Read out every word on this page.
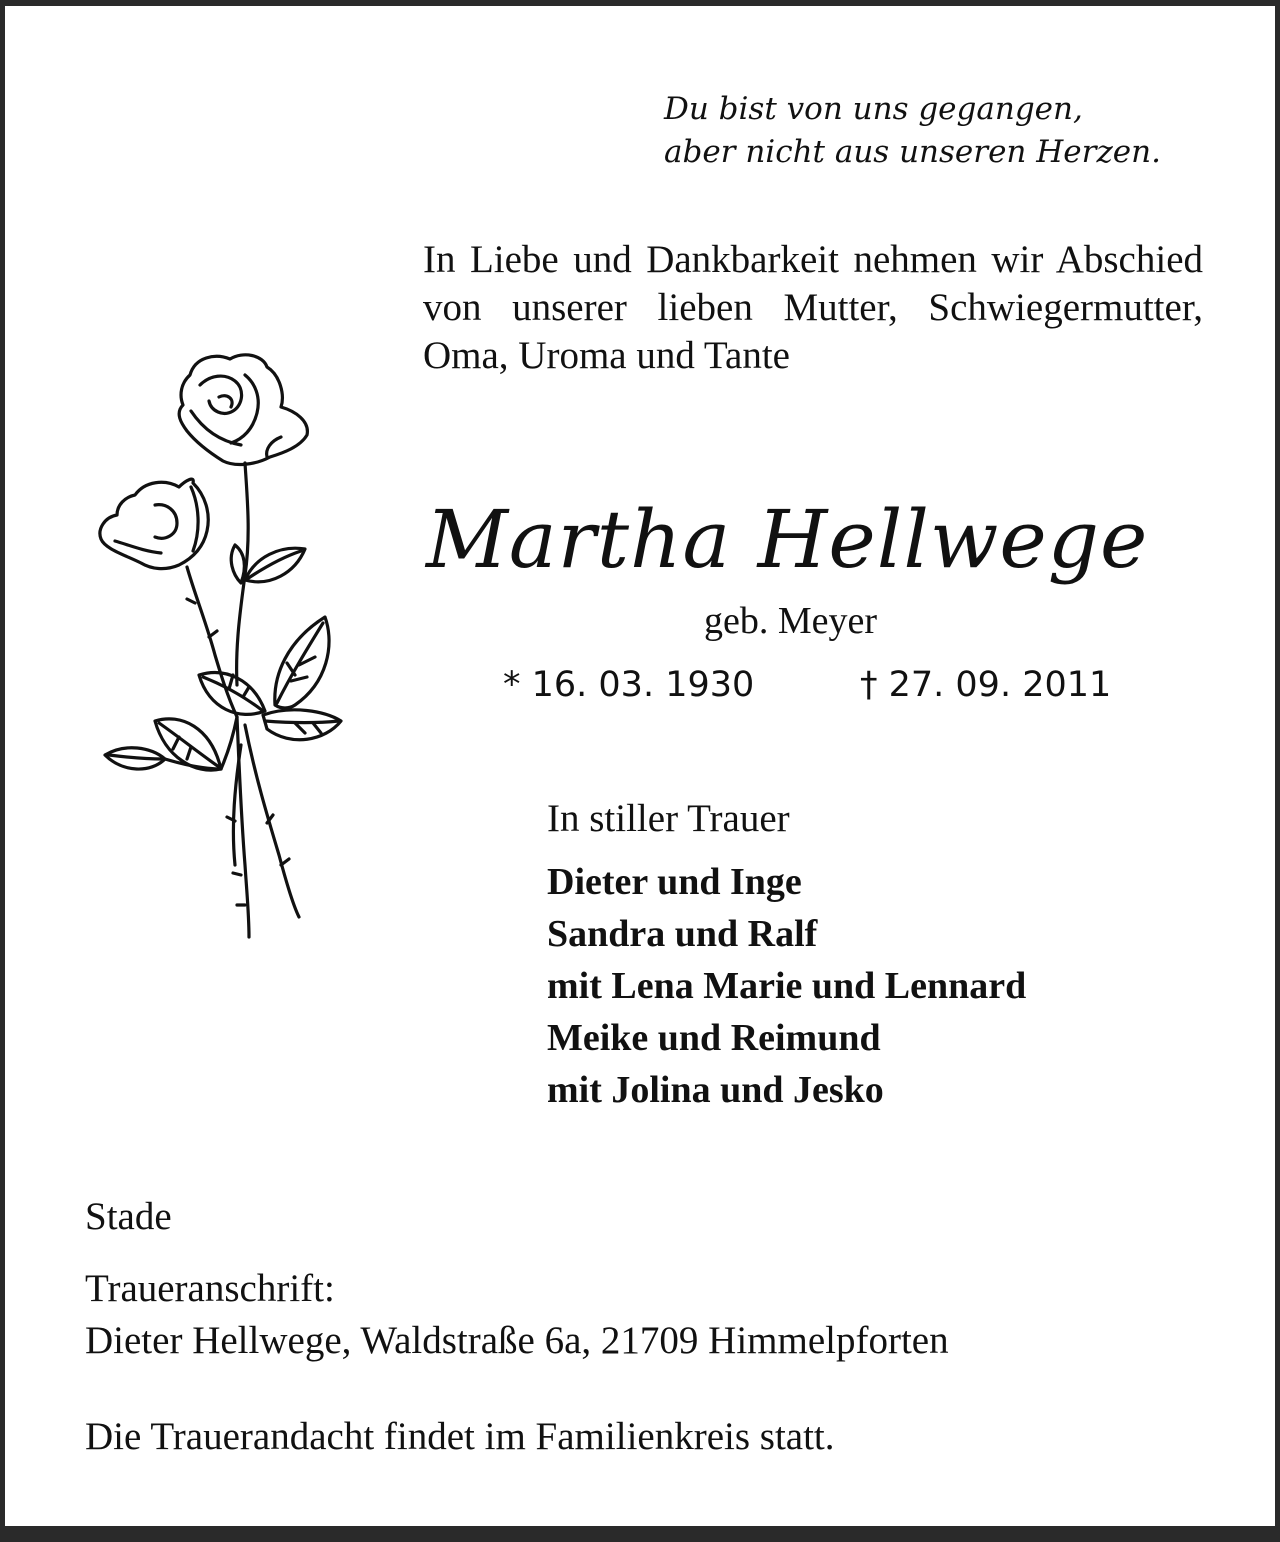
Du bist von uns gegangen,
aber nicht aus unseren Herzen.
In Liebe und Dankbarkeit nehmen wir Abschied von unserer lieben Mutter, Schwiegermutter, Oma, Uroma und Tante
Martha Hellwege
geb. Meyer
* 16. 03. 1930	† 27. 09. 2011
In stiller Trauer
Dieter und Inge
Sandra und Ralf
mit Lena Marie und Lennard
Meike und Reimund
mit Jolina und Jesko
Stade
Traueranschrift:
Dieter Hellwege, Waldstraße 6a, 21709 Himmelpforten
Die Trauerandacht findet im Familienkreis statt.
